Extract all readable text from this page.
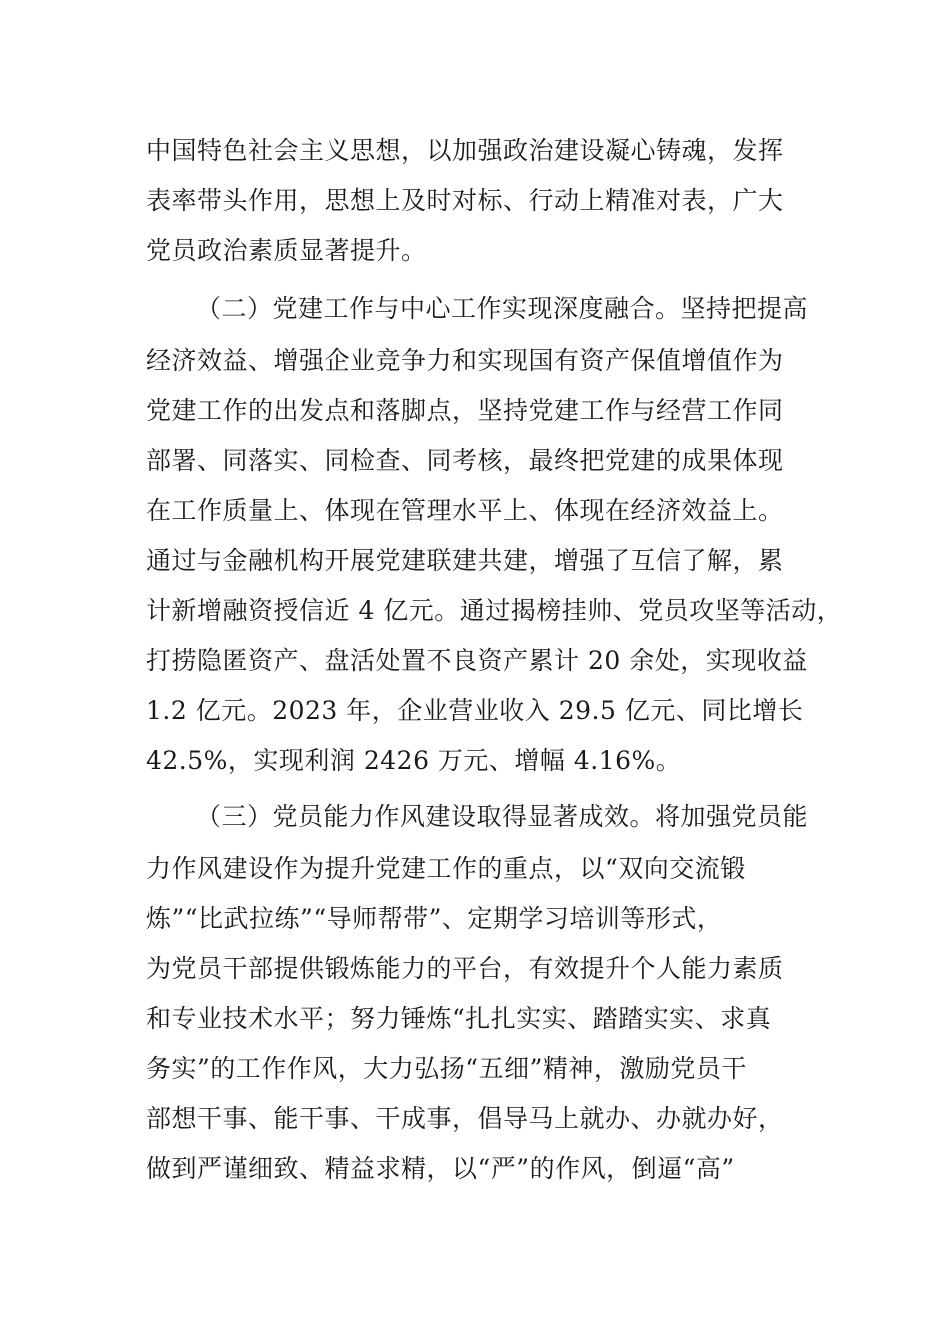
中国特色社会主义思想，以加强政治建设凝心铸魂，发挥
表率带头作用，思想上及时对标、行动上精准对表，广大
党员政治素质显著提升。
（二）党建工作与中心工作实现深度融合。坚持把提高
经济效益、增强企业竞争力和实现国有资产保值增值作为
党建工作的出发点和落脚点，坚持党建工作与经营工作同
部署、同落实、同检查、同考核，最终把党建的成果体现
在工作质量上、体现在管理水平上、体现在经济效益上。
通过与金融机构开展党建联建共建，增强了互信了解，累
计新增融资授信近 4 亿元。通过揭榜挂帅、党员攻坚等活动，
打捞隐匿资产、盘活处置不良资产累计 20 余处，实现收益
1.2 亿元。2023 年，企业营业收入 29.5 亿元、同比增长
42.5%，实现利润 2426 万元、增幅 4.16%。
（三）党员能力作风建设取得显著成效。将加强党员能
力作风建设作为提升党建工作的重点，以“双向交流锻
炼”“比武拉练”“导师帮带”、定期学习培训等形式，
为党员干部提供锻炼能力的平台，有效提升个人能力素质
和专业技术水平；努力锤炼“扎扎实实、踏踏实实、求真
务实”的工作作风，大力弘扬“五细”精神，激励党员干
部想干事、能干事、干成事，倡导马上就办、办就办好，
做到严谨细致、精益求精，以“严”的作风，倒逼“高”
